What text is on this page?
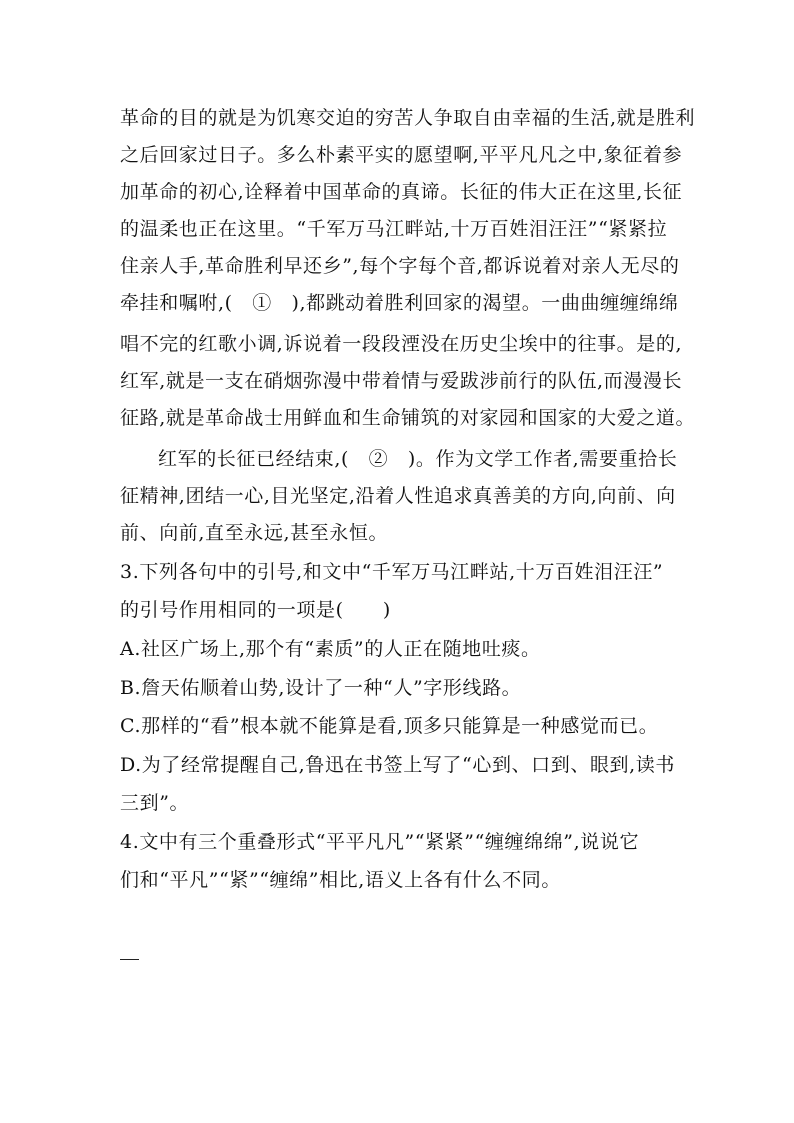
革命的目的就是为饥寒交迫的穷苦人争取自由幸福的生活,就是胜利
之后回家过日子。多么朴素平实的愿望啊,平平凡凡之中,象征着参
加革命的初心,诠释着中国革命的真谛。长征的伟大正在这里,长征
的温柔也正在这里。“千军万马江畔站,十万百姓泪汪汪”“紧紧拉
住亲人手,革命胜利早还乡”,每个字每个音,都诉说着对亲人无尽的
牵挂和嘱咐,(　①　),都跳动着胜利回家的渴望。一曲曲缠缠绵绵
唱不完的红歌小调,诉说着一段段湮没在历史尘埃中的往事。是的,
红军,就是一支在硝烟弥漫中带着情与爱跋涉前行的队伍,而漫漫长
征路,就是革命战士用鲜血和生命铺筑的对家园和国家的大爱之道。
红军的长征已经结束,(　②　)。作为文学工作者,需要重拾长
征精神,团结一心,目光坚定,沿着人性追求真善美的方向,向前、向
前、向前,直至永远,甚至永恒。
3.下列各句中的引号,和文中“千军万马江畔站,十万百姓泪汪汪”
的引号作用相同的一项是(　　)
A.社区广场上,那个有“素质”的人正在随地吐痰。
B.詹天佑顺着山势,设计了一种“人”字形线路。
C.那样的“看”根本就不能算是看,顶多只能算是一种感觉而已。
D.为了经常提醒自己,鲁迅在书签上写了“心到、口到、眼到,读书
三到”。
4.文中有三个重叠形式“平平凡凡”“紧紧”“缠缠绵绵”,说说它
们和“平凡”“紧”“缠绵”相比,语义上各有什么不同。
